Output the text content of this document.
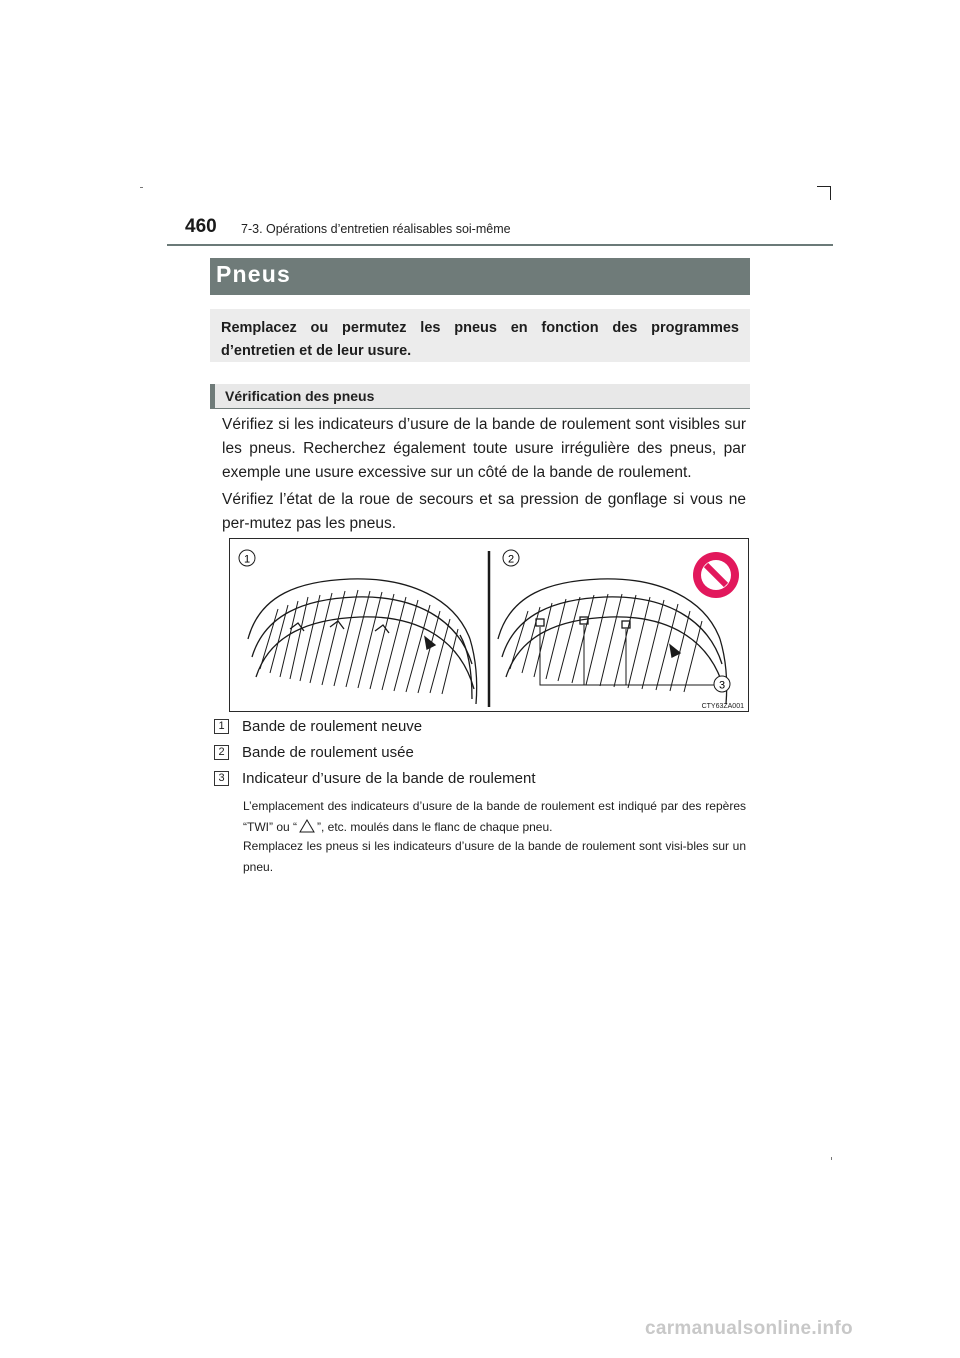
460 7-3. Opérations d’entretien réalisables soi-même
Pneus
Remplacez ou permutez les pneus en fonction des programmes d’entretien et de leur usure.
Vérification des pneus
Vérifiez si les indicateurs d’usure de la bande de roulement sont visibles sur les pneus. Recherchez également toute usure irrégulière des pneus, par exemple une usure excessive sur un côté de la bande de roulement.
Vérifiez l’état de la roue de secours et sa pression de gonflage si vous ne per-mutez pas les pneus.
1	2
3
CTY63ZA001
1 Bande de roulement neuve
2 Bande de roulement usée
3 Indicateur d’usure de la bande de roulement
L’emplacement des indicateurs d’usure de la bande de roulement est indiqué par des repères “TWI” ou “ ”, etc. moulés dans le flanc de chaque pneu.
Remplacez les pneus si les indicateurs d’usure de la bande de roulement sont visi-bles sur un pneu.
carmanualsonline.info
